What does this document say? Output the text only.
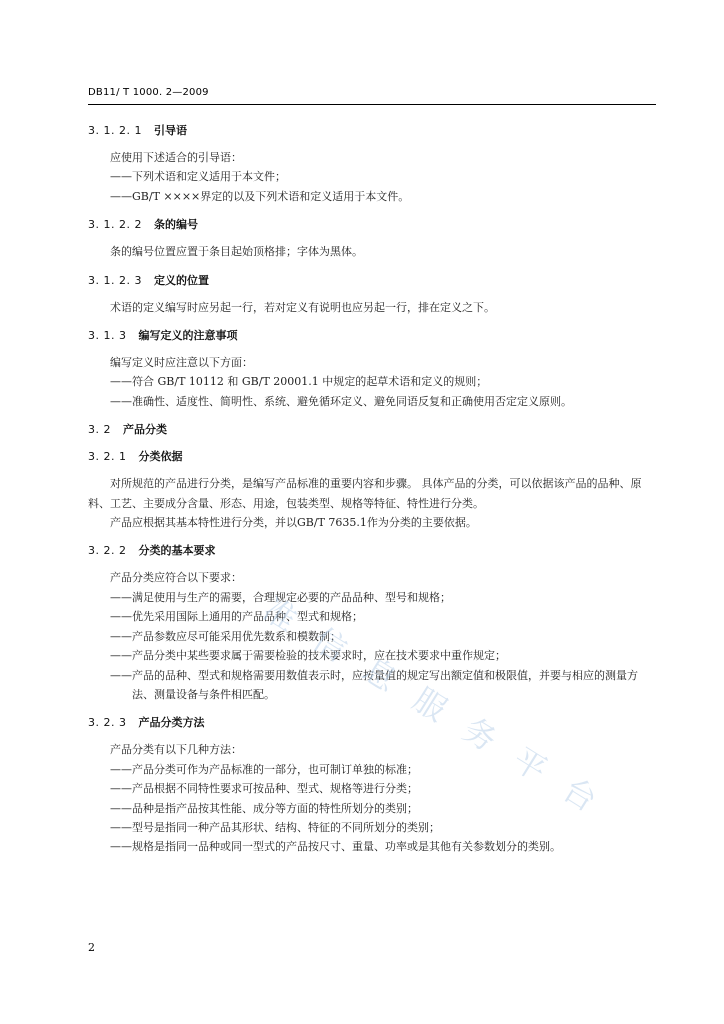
DB11/ T 1000. 2—2009
3. 1. 2. 1 引导语

应使用下述适合的引导语：

——下列术语和定义适用于本文件；

——GB/T ××××界定的以及下列术语和定义适用于本文件。

3. 1. 2. 2 条的编号

条的编号位置应置于条目起始顶格排；字体为黑体。

3. 1. 2. 3 定义的位置

术语的定义编写时应另起一行，若对定义有说明也应另起一行，排在定义之下。

3. 1. 3 编写定义的注意事项

编写定义时应注意以下方面：

——符合 GB/T 10112 和 GB/T 20001.1 中规定的起草术语和定义的规则；

——准确性、适度性、简明性、系统、避免循环定义、避免同语反复和正确使用否定定义原则。

3. 2 产品分类
3. 2. 1 分类依据

对所规范的产品进行分类，是编写产品标准的重要内容和步骤。 具体产品的分类，可以依据该产品的品种、原料、工艺、主要成分含量、形态、用途，包装类型、规格等特征、特性进行分类。

产品应根据其基本特性进行分类，并以GB/T 7635.1作为分类的主要依据。

3. 2. 2 分类的基本要求

产品分类应符合以下要求：

——满足使用与生产的需要，合理规定必要的产品品种、型号和规格；

——优先采用国际上通用的产品品种、型式和规格；

——产品参数应尽可能采用优先数系和模数制；

——产品分类中某些要求属于需要检验的技术要求时，应在技术要求中重作规定；

——产品的品种、型式和规格需要用数值表示时，应按量值的规定写出额定值和极限值，并要与相应的测量方法、测量设备与条件相匹配。

3. 2. 3 产品分类方法

产品分类有以下几种方法：

——产品分类可作为产品标准的一部分，也可制订单独的标准；

——产品根据不同特性要求可按品种、型式、规格等进行分类；

——品种是指产品按其性能、成分等方面的特性所划分的类别；

——型号是指同一种产品其形状、结构、特征的不同所划分的类别；

——规格是指同一品种或同一型式的产品按尺寸、重量、功率或是其他有关参数划分的类别。

准
信
息
服
务
平
台
2
